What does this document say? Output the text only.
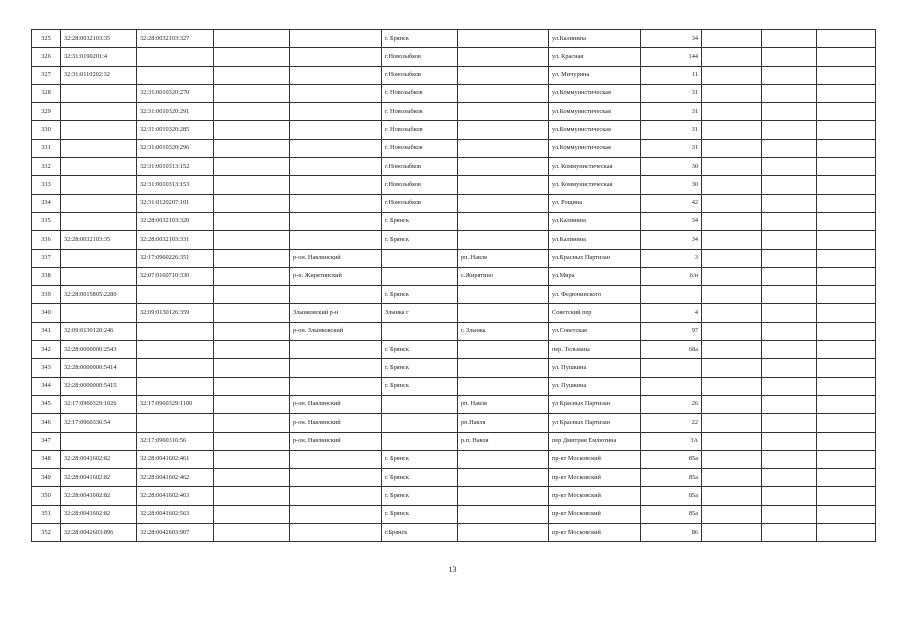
325	32:28:0032103:35	32:28:0032103:327			г. Брянск		ул.Калинина	34			
326	32:31:0190201:4				г.Новозыбков		ул. Красная	144			
327	32:31:0110202:32				г.Новозыбков		ул. Мичурина	11			
328		32:31:0010320:270			г. Новозыбков		ул.Коммунистическая	31			
329		32:31:0010320:291			г. Новозыбков		ул.Коммунистическая	31			
330		32:31:0010320:285			г. Новозыбков		ул.Коммунистическая	31			
331		32:31:0010320:296			г. Новозыбков		ул.Коммунистическая	31			
332		32:31:0010313:152			г.Новозыбков		ул. Коммунистическая	30			
333		32:31:0010313:153			г.Новозыбков		ул. Коммунистическая	30			
334		32:31:0120207:101			г.Новозыбков		ул. Рощина	42			
335		32:28:0032103:320			г. Брянск		ул.Калинина	34			
336	32:28:0032103:35	32:28:0032103:331			г. Брянск		ул.Калинина	34			
337		32:17:0960226:351		р-он. Навлинский		рп. Навля	ул.Красных Партизан	3			
338		32:07:0160710:330		р-н. Жирятинский		с.Жирятино	ул.Мира	6/н			
339	32:28:0015805:2280				г. Брянск		ул. Федюнинского				
340		32:09:0130126:359		Злынковский р-н	Злынка г		Советский пер	4			
341	32:09:0130120:246			р-он. Злынковский		г. Злынка	ул.Советская	97			
342	32:28:0000000:2543				г. Брянск		пер. Тельмана	68а			
343	32:28:0000000:5414				г. Брянск		ул. Пушкина				
344	32:28:0000000:5415				г. Брянск		ул. Пушкина				
345	32:17:0960329:1026	32:17:0960329:1100		р-он. Навлинский		рп. Навля	ул Красных Партизан	26			
346	32:17:0960336:54			р-он. Навлинский		рп.Навля	ул Красных Партизан	22			
347		32:17:0960316:56		р-он. Навлинский		р.п. Навля	пер Дмитрия Емлютина	3А			
348	32:28:0041602:82	32:28:0041602:461			г. Брянск		пр-кт Московский	85а			
349	32:28:0041602:82	32:28:0041602:462			г. Брянск		пр-кт Московский	85а			
350	32:28:0041602:82	32:28:0041602:463			г. Брянск		пр-кт Московский	85а			
351	32:28:0041602:82	32:28:0041602:563			г. Брянск		пр-кт Московский	85а			
352	32:28:0042603:896	32:28:0042603:907			г.Брянск		пр-кт Московский	86			
13
